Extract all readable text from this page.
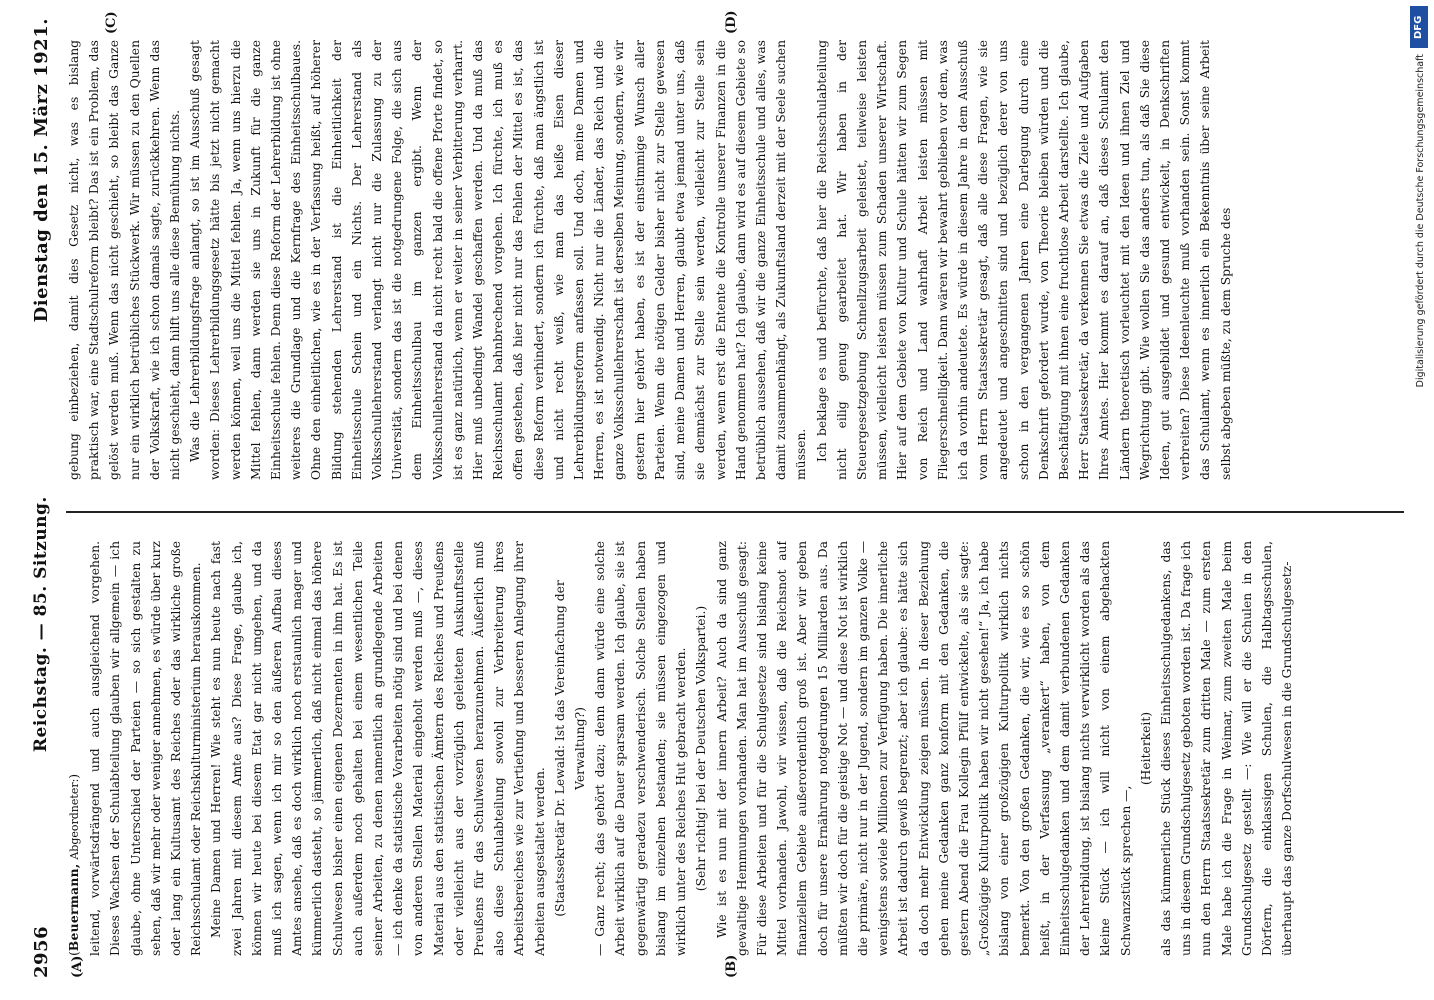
2956
Reichstag. — 85. Sitzung.
Dienstag den 15. März 1921.
(A)	(B)
(C)	(D)

(Beuermann, Abgeordneter:) leitend, vorwärtsdrängend und auch ausgleichend vorgehen. Dieses Wachsen der Schulabteilung glauben wir allgemein — ich glaube, ohne Unterschied der Parteien — so sich gestalten zu sehen, daß wir mehr oder weniger annehmen, es würde über kurz oder lang ein Kultusamt des Reiches oder das wirkliche große Reichsschulamt oder Reichskulturministerium herauskommen. Meine Damen und Herren! Wie steht es nun heute nach fast zwei Jahren mit diesem Amte aus? Diese Frage, glaube ich, können wir heute bei diesem Etat gar nicht umgehen, und da muß ich sagen, wenn ich mir so den äußeren Aufbau dieses Amtes ansehe, daß es doch wirklich noch erstaunlich mager und kümmerlich dasteht, so jämmerlich, daß nicht einmal das höhere Schulwesen bisher einen eigenen Dezernenten in ihm hat. Es ist auch außerdem noch gehalten bei einem wesentlichen Teile seiner Arbeiten, zu denen namentlich an grundlegende Arbeiten — ich denke da statistische Vorarbeiten nötig sind und bei denen von anderen Stellen Material eingeholt werden muß —, dieses Material aus den statistischen Ämtern des Reiches und Preußens oder vielleicht aus der vorzüglich geleiteten Auskunftsstelle Preußens für das Schulwesen heranzunehmen. Äußerlich muß also diese Schulabteilung sowohl zur Verbreiterung ihres Arbeitsbereiches wie zur Vertiefung und besseren Anlegung ihrer Arbeiten ausgestaltet werden. (Staatssekretär Dr. Lewald: Ist das Vereinfachung der Verwaltung?) — Ganz recht; das gehört dazu; denn dann würde eine solche Arbeit wirklich auf die Dauer sparsam werden. Ich glaube, sie ist gegenwärtig geradezu verschwenderisch. Solche Stellen haben bislang im einzelnen bestanden; sie müssen eingezogen und wirklich unter des Reiches Hut gebracht werden. (Sehr richtig! bei der Deutschen Volkspartei.) Wie ist es nun mit der innern Arbeit? Auch da sind ganz gewaltige Hemmungen vorhanden. Man hat im Ausschuß gesagt: Für diese Arbeiten und für die Schulgesetze sind bislang keine Mittel vorhanden. Jawohl, wir wissen, daß die Reichsnot auf finanziellem Gebiete außerordentlich groß ist. Aber wir geben doch für unsere Ernährung notgedrungen 15 Milliarden aus. Da müßten wir doch für die geistige Not — und diese Not ist wirklich die primäre, nicht nur in der Jugend, sondern im ganzen Volke — wenigstens soviele Millionen zur Verfügung haben. Die innerliche Arbeit ist dadurch gewiß begrenzt; aber ich glaube: es hätte sich da doch mehr Entwicklung zeigen müssen. In dieser Beziehung gehen meine Gedanken ganz konform mit den Gedanken, die gestern Abend die Frau Kollegin Pfülf entwickelte, als sie sagte: „Großzügige Kulturpolitik haben wir nicht gesehen!“ Ja, ich habe bislang von einer großzügigen Kulturpolitik wirklich nichts bemerkt. Von den großen Gedanken, die wir, wie es so schön heißt, in der Verfassung „verankert“ haben, von dem Einheitsschulgedanken und dem damit verbundenen Gedanken der Lehrerbildung, ist bislang nichts verwirklicht worden als das kleine Stück — ich will nicht von einem abgehackten Schwanzstück sprechen —,

(Heiterkeit) als das kümmerliche Stück dieses Einheitsschulgedankens, das uns in diesem Grundschulgesetz geboten worden ist. Da frage ich nun den Herrn Staatssekretär zum dritten Male — zum ersten Male habe ich die Frage in Weimar, zum zweiten Male beim Grundschulgesetz gestellt —: Wie will er die Schulen in den Dörfern, die einklassigen Schulen, die Halbtagsschulen, überhaupt das ganze Dorfschulwesen in die Grundschulgesetz-

gebung einbeziehen, damit dies Gesetz nicht, was es bislang praktisch war, eine Stadtschulreform bleibt? Das ist ein Problem, das gelöst werden muß. Wenn das nicht geschieht, so bleibt das Ganze nur ein wirklich betrübliches Stückwerk. Wir müssen zu den Quellen der Volkskraft, wie ich schon damals sagte, zurückkehren. Wenn das nicht geschieht, dann hilft uns alle diese Bemühung nichts. Was die Lehrerbildungsfrage anlangt, so ist im Ausschuß gesagt worden: Dieses Lehrerbildungsgesetz hätte bis jetzt nicht gemacht werden können, weil uns die Mittel fehlen. Ja, wenn uns hierzu die Mittel fehlen, dann werden sie uns in Zukunft für die ganze Einheitsschule fehlen. Denn diese Reform der Lehrerbildung ist ohne weiteres die Grundlage und die Kernfrage des Einheitsschulbaues. Ohne den einheitlichen, wie es in der Verfassung heißt, auf höherer Bildung stehenden Lehrerstand ist die Einheitlichkeit der Einheitsschule Schein und ein Nichts. Der Lehrerstand als Volksschullehrerstand verlangt nicht nur die Zulassung zu der Universität, sondern das ist die notgedrungene Folge, die sich aus dem Einheitsschulbau im ganzen ergibt. Wenn der Volksschullehrerstand da nicht recht bald die offene Pforte findet, so ist es ganz natürlich, wenn er weiter in seiner Verbitterung verharrt. Hier muß unbedingt Wandel geschaffen werden. Und da muß das Reichsschulamt bahnbrechend vorgehen. Ich fürchte, ich muß es offen gestehen, daß hier nicht nur das Fehlen der Mittel es ist, das diese Reform verhindert, sondern ich fürchte, daß man ängstlich ist und nicht recht weiß, wie man das heiße Eisen dieser Lehrerbildungsreform anfassen soll. Und doch, meine Damen und Herren, es ist notwendig. Nicht nur die Länder, das Reich und die ganze Volksschullehrerschaft ist derselben Meinung, sondern, wie wir gestern hier gehört haben, es ist der einstimmige Wunsch aller Parteien. Wenn die nötigen Gelder bisher nicht zur Stelle gewesen sind, meine Damen und Herren, glaubt etwa jemand unter uns, daß sie demnächst zur Stelle sein werden, vielleicht zur Stelle sein werden, wenn erst die Entente die Kontrolle unserer Finanzen in die Hand genommen hat? Ich glaube, dann wird es auf diesem Gebiete so betrüblich aussehen, daß wir die ganze Einheitsschule und alles, was damit zusammenhängt, als Zukunftsland derzeit mit der Seele suchen müssen. Ich beklage es und befürchte, daß hier die Reichsschulabteilung nicht eilig genug gearbeitet hat. Wir haben in der Steuergesetzgebung Schnellzugsarbeit geleistet, teilweise leisten müssen, vielleicht leisten müssen zum Schaden unserer Wirtschaft. Hier auf dem Gebiete von Kultur und Schule hätten wir zum Segen von Reich und Land wahrhaft Arbeit leisten müssen mit Fliegerschnelligkeit. Dann wären wir bewahrt geblieben vor dem, was ich da vorhin andeutete. Es würde in diesem Jahre in dem Ausschuß vom Herrn Staatssekretär gesagt, daß alle diese Fragen, wie sie angedeutet und angeschnitten sind und bezüglich derer von uns schon in den vergangenen Jahren eine Darlegung durch eine Denkschrift gefordert wurde, von Theorie bleiben würden und die Beschäftigung mit ihnen eine fruchtlose Arbeit darstellte. Ich glaube, Herr Staatssekretär, da verkennen Sie etwas die Ziele und Aufgaben Ihres Amtes. Hier kommt es darauf an, daß dieses Schulamt den Ländern theoretisch vorleuchtet mit den Ideen und ihnen Ziel und Wegrichtung gibt. Wie wollen Sie das anders tun, als daß Sie diese Ideen, gut ausgebildet und gesund entwickelt, in Denkschriften verbreiten? Diese Ideenleuchte muß vorhanden sein. Sonst kommt das Schulamt, wenn es innerlich ein Bekenntnis über seine Arbeit selbst abgeben müßte, zu dem Spruche des

DFG
Digitalisierung gefördert durch die Deutsche Forschungsgemeinschaft
